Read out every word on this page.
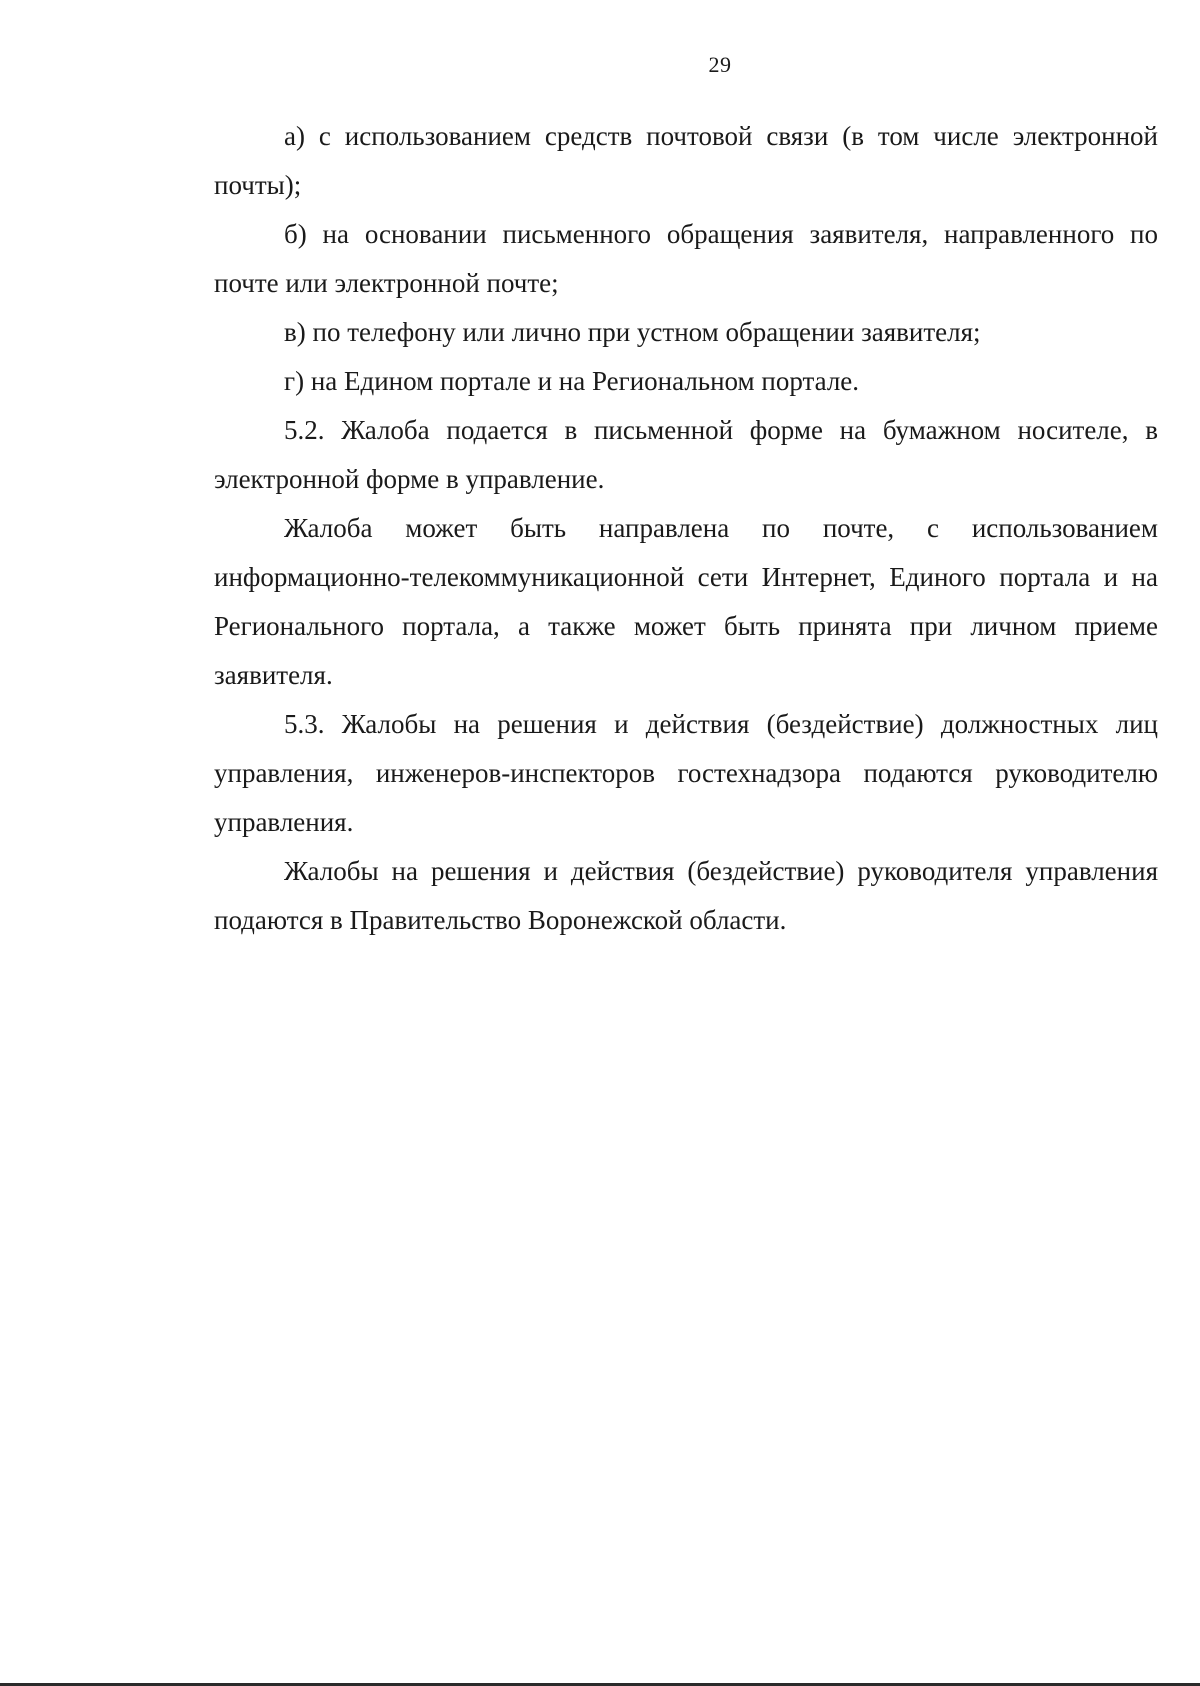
29

а) с использованием средств почтовой связи (в том числе электронной почты);

б) на основании письменного обращения заявителя, направленного по почте или электронной почте;

в) по телефону или лично при устном обращении заявителя;

г) на Едином портале и на Региональном портале.

5.2. Жалоба подается в письменной форме на бумажном носителе, в электронной форме в управление.

Жалоба может быть направлена по почте, с использованием информационно-телекоммуникационной сети Интернет, Единого портала и на Регионального портала, а также может быть принята при личном приеме заявителя.

5.3. Жалобы на решения и действия (бездействие) должностных лиц управления, инженеров-инспекторов гостехнадзора подаются руководителю управления.

Жалобы на решения и действия (бездействие) руководителя управления подаются в Правительство Воронежской области.
